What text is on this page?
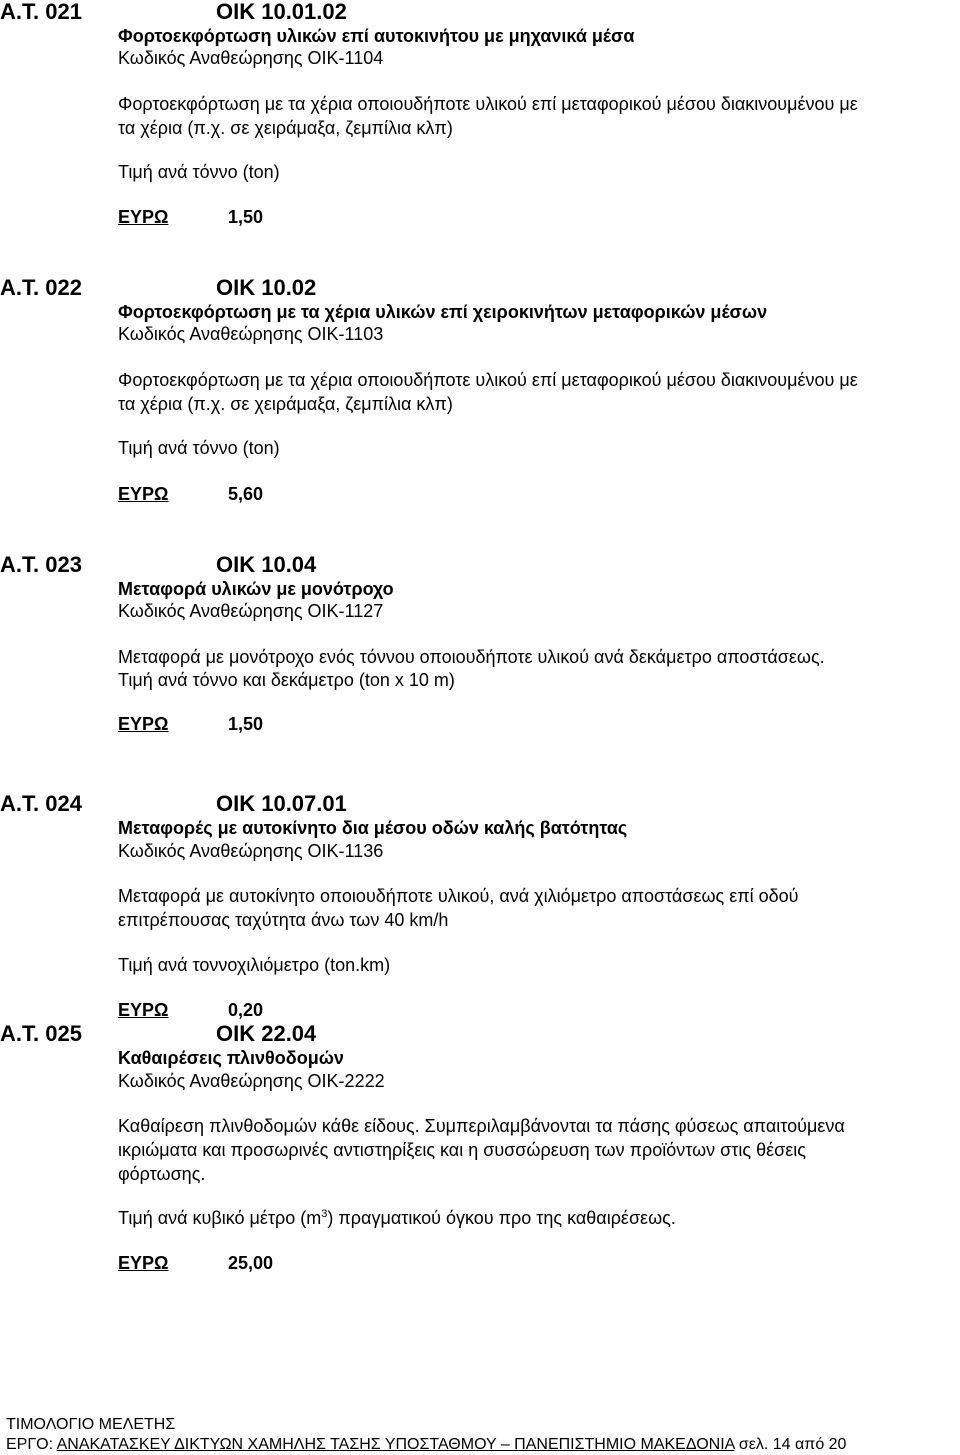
Α.Τ. 021	ΟΙΚ 10.01.02
Φορτοεκφόρτωση υλικών επί αυτοκινήτου με μηχανικά μέσα
Κωδικός Αναθεώρησης ΟΙΚ-1104
Φορτοεκφόρτωση με τα χέρια οποιουδήποτε υλικού επί μεταφορικού μέσου διακινουμένου με
τα χέρια (π.χ. σε χειράμαξα, ζεμπίλια κλπ)
Τιμή ανά τόννο (ton)
ΕΥΡΩ	1,50
Α.Τ. 022	ΟΙΚ 10.02
Φορτοεκφόρτωση με τα χέρια υλικών επί χειροκινήτων μεταφορικών μέσων
Κωδικός Αναθεώρησης ΟΙΚ-1103
Φορτοεκφόρτωση με τα χέρια οποιουδήποτε υλικού επί μεταφορικού μέσου διακινουμένου με
τα χέρια (π.χ. σε χειράμαξα, ζεμπίλια κλπ)
Τιμή ανά τόννο (ton)
ΕΥΡΩ	5,60
Α.Τ. 023	ΟΙΚ 10.04
Μεταφορά υλικών με μονότροχο
Κωδικός Αναθεώρησης ΟΙΚ-1127
Μεταφορά με μονότροχο ενός τόννου οποιουδήποτε υλικού ανά δεκάμετρο αποστάσεως.
Τιμή ανά τόννο και δεκάμετρο (ton x 10 m)
ΕΥΡΩ	1,50
Α.Τ. 024	ΟΙΚ 10.07.01
Μεταφορές με αυτοκίνητο δια μέσου οδών καλής βατότητας
Κωδικός Αναθεώρησης ΟΙΚ-1136
Μεταφορά με αυτοκίνητο οποιουδήποτε υλικού, ανά χιλιόμετρο αποστάσεως επί οδού
επιτρέπουσας ταχύτητα άνω των 40 km/h
Τιμή ανά τοννοχιλιόμετρο (ton.km)
ΕΥΡΩ	0,20
Α.Τ. 025	ΟΙΚ 22.04
Καθαιρέσεις πλινθοδομών
Κωδικός Αναθεώρησης ΟΙΚ-2222
Καθαίρεση πλινθοδομών κάθε είδους. Συμπεριλαμβάνονται τα πάσης φύσεως απαιτούμενα
ικριώματα και προσωρινές αντιστηρίξεις και η συσσώρευση των προϊόντων στις θέσεις
φόρτωσης.
Τιμή ανά κυβικό μέτρο $(m^3)$ πραγματικού όγκου προ της καθαιρέσεως.
ΕΥΡΩ	25,00
ΤΙΜΟΛΟΓΙΟ ΜΕΛΕΤΗΣ
ΕΡΓΟ: ΑΝΑΚΑΤΑΣΚΕΥ ΔΙΚΤΥΩΝ ΧΑΜΗΛΗΣ ΤΑΣΗΣ ΥΠΟΣΤΑΘΜΟΥ – ΠΑΝΕΠΙΣΤΗΜΙΟ ΜΑΚΕΔΟΝΙΑ σελ. 14 από 20
